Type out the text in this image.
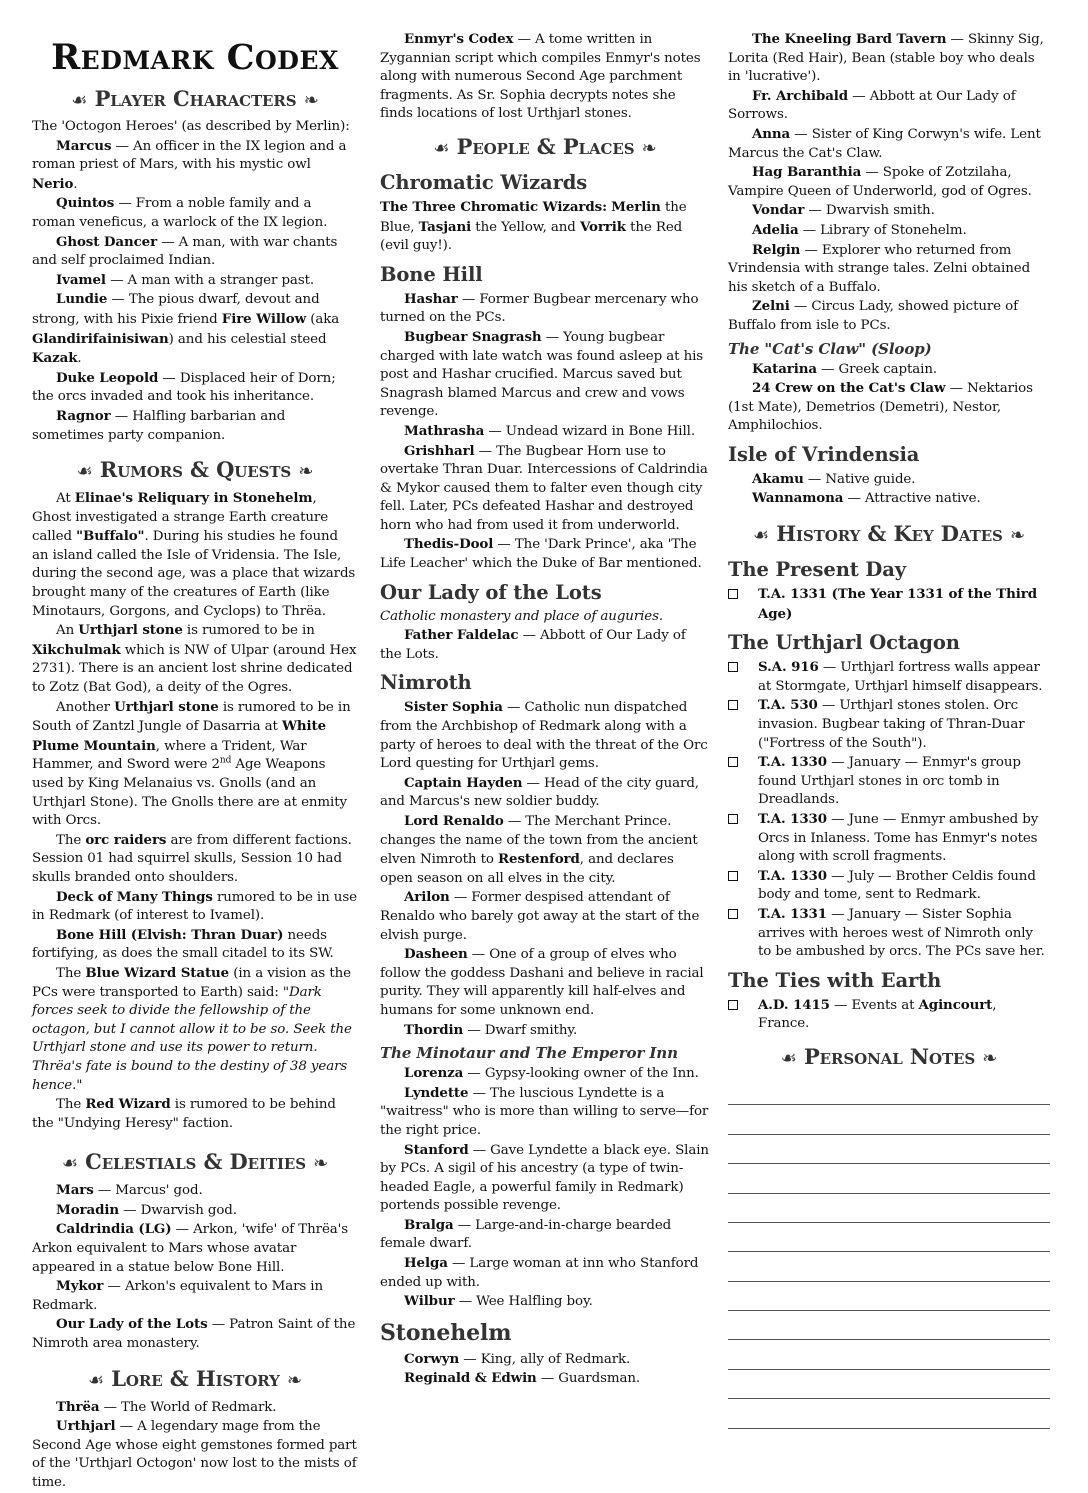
Redmark Codex
☙ Player Characters ❧

The 'Octogon Heroes' (as described by Merlin):

Marcus — An officer in the IX legion and a roman priest of Mars, with his mystic owl Nerio.

Quintos — From a noble family and a roman veneficus, a warlock of the IX legion.

Ghost Dancer — A man, with war chants and self proclaimed Indian.

Ivamel — A man with a stranger past.

Lundie — The pious dwarf, devout and strong, with his Pixie friend Fire Willow (aka Glandirifainisiwan) and his celestial steed Kazak.

Duke Leopold — Displaced heir of Dorn; the orcs invaded and took his inheritance.

Ragnor — Halfling barbarian and sometimes party companion.

☙ Rumors & Quests ❧

At Elinae's Reliquary in Stonehelm, Ghost investigated a strange Earth creature called "Buffalo". During his studies he found an island called the Isle of Vridensia. The Isle, during the second age, was a place that wizards brought many of the creatures of Earth (like Minotaurs, Gorgons, and Cyclops) to Thrëa.

An Urthjarl stone is rumored to be in Xikchulmak which is NW of Ulpar (around Hex 2731). There is an ancient lost shrine dedicated to Zotz (Bat God), a deity of the Ogres.

Another Urthjarl stone is rumored to be in South of Zantzl Jungle of Dasarria at White Plume Mountain, where a Trident, War Hammer, and Sword were 2nd Age Weapons used by King Melanaius vs. Gnolls (and an Urthjarl Stone). The Gnolls there are at enmity with Orcs.

The orc raiders are from different factions. Session 01 had squirrel skulls, Session 10 had skulls branded onto shoulders.

Deck of Many Things rumored to be in use in Redmark (of interest to Ivamel).

Bone Hill (Elvish: Thran Duar) needs fortifying, as does the small citadel to its SW.

The Blue Wizard Statue (in a vision as the PCs were transported to Earth) said: "Dark forces seek to divide the fellowship of the octagon, but I cannot allow it to be so. Seek the Urthjarl stone and use its power to return. Thrëa's fate is bound to the destiny of 38 years hence."

The Red Wizard is rumored to be behind the "Undying Heresy" faction.

☙ Celestials & Deities ❧

Mars — Marcus' god.

Moradin — Dwarvish god.

Caldrindia (LG) — Arkon, 'wife' of Thrëa's Arkon equivalent to Mars whose avatar appeared in a statue below Bone Hill.

Mykor — Arkon's equivalent to Mars in Redmark.

Our Lady of the Lots — Patron Saint of the Nimroth area monastery.

☙ Lore & History ❧

Thrëa — The World of Redmark.

Urthjarl — A legendary mage from the Second Age whose eight gemstones formed part of the 'Urthjarl Octogon' now lost to the mists of time.

Enmyr's Codex — A tome written in Zygannian script which compiles Enmyr's notes along with numerous Second Age parchment fragments. As Sr. Sophia decrypts notes she finds locations of lost Urthjarl stones.

☙ People & Places ❧
Chromatic Wizards

The Three Chromatic Wizards: Merlin the Blue, Tasjani the Yellow, and Vorrik the Red (evil guy!).

Bone Hill

Hashar — Former Bugbear mercenary who turned on the PCs.

Bugbear Snagrash — Young bugbear charged with late watch was found asleep at his post and Hashar crucified. Marcus saved but Snagrash blamed Marcus and crew and vows revenge.

Mathrasha — Undead wizard in Bone Hill.

Grishharl — The Bugbear Horn use to overtake Thran Duar. Intercessions of Caldrindia & Mykor caused them to falter even though city fell. Later, PCs defeated Hashar and destroyed horn who had from used it from underworld.

Thedis-Dool — The 'Dark Prince', aka 'The Life Leacher' which the Duke of Bar mentioned.

Our Lady of the Lots

Catholic monastery and place of auguries.

Father Faldelac — Abbott of Our Lady of the Lots.

Nimroth

Sister Sophia — Catholic nun dispatched from the Archbishop of Redmark along with a party of heroes to deal with the threat of the Orc Lord questing for Urthjarl gems.

Captain Hayden — Head of the city guard, and Marcus's new soldier buddy.

Lord Renaldo — The Merchant Prince. changes the name of the town from the ancient elven Nimroth to Restenford, and declares open season on all elves in the city.

Arilon — Former despised attendant of Renaldo who barely got away at the start of the elvish purge.

Dasheen — One of a group of elves who follow the goddess Dashani and believe in racial purity. They will apparently kill half-elves and humans for some unknown end.

Thordin — Dwarf smithy.

The Minotaur and The Emperor Inn

Lorenza — Gypsy-looking owner of the Inn.

Lyndette — The luscious Lyndette is a "waitress" who is more than willing to serve—for the right price.

Stanford — Gave Lyndette a black eye. Slain by PCs. A sigil of his ancestry (a type of twin-headed Eagle, a powerful family in Redmark) portends possible revenge.

Bralga — Large-and-in-charge bearded female dwarf.

Helga — Large woman at inn who Stanford ended up with.

Wilbur — Wee Halfling boy.

Stonehelm

Corwyn — King, ally of Redmark.

Reginald & Edwin — Guardsman.

The Kneeling Bard Tavern — Skinny Sig, Lorita (Red Hair), Bean (stable boy who deals in 'lucrative').

Fr. Archibald — Abbott at Our Lady of Sorrows.

Anna — Sister of King Corwyn's wife. Lent Marcus the Cat's Claw.

Hag Baranthia — Spoke of Zotzilaha, Vampire Queen of Underworld, god of Ogres.

Vondar — Dwarvish smith.

Adelia — Library of Stonehelm.

Relgin — Explorer who returned from Vrindensia with strange tales. Zelni obtained his sketch of a Buffalo.

Zelni — Circus Lady, showed picture of Buffalo from isle to PCs.

The "Cat's Claw" (Sloop)

Katarina — Greek captain.

24 Crew on the Cat's Claw — Nektarios (1st Mate), Demetrios (Demetri), Nestor, Amphilochios.

Isle of Vrindensia

Akamu — Native guide.

Wannamona — Attractive native.

☙ History & Key Dates ❧
The Present Day
T.A. 1331 (The Year 1331 of the Third Age)
The Urthjarl Octagon
S.A. 916 — Urthjarl fortress walls appear at Stormgate, Urthjarl himself disappears.
T.A. 530 — Urthjarl stones stolen. Orc invasion. Bugbear taking of Thran-Duar ("Fortress of the South").
T.A. 1330 — January — Enmyr's group found Urthjarl stones in orc tomb in Dreadlands.
T.A. 1330 — June — Enmyr ambushed by Orcs in Inlaness. Tome has Enmyr's notes along with scroll fragments.
T.A. 1330 — July — Brother Celdis found body and tome, sent to Redmark.
T.A. 1331 — January — Sister Sophia arrives with heroes west of Nimroth only to be ambushed by orcs. The PCs save her.
The Ties with Earth
A.D. 1415 — Events at Agincourt, France.
☙ Personal Notes ❧
